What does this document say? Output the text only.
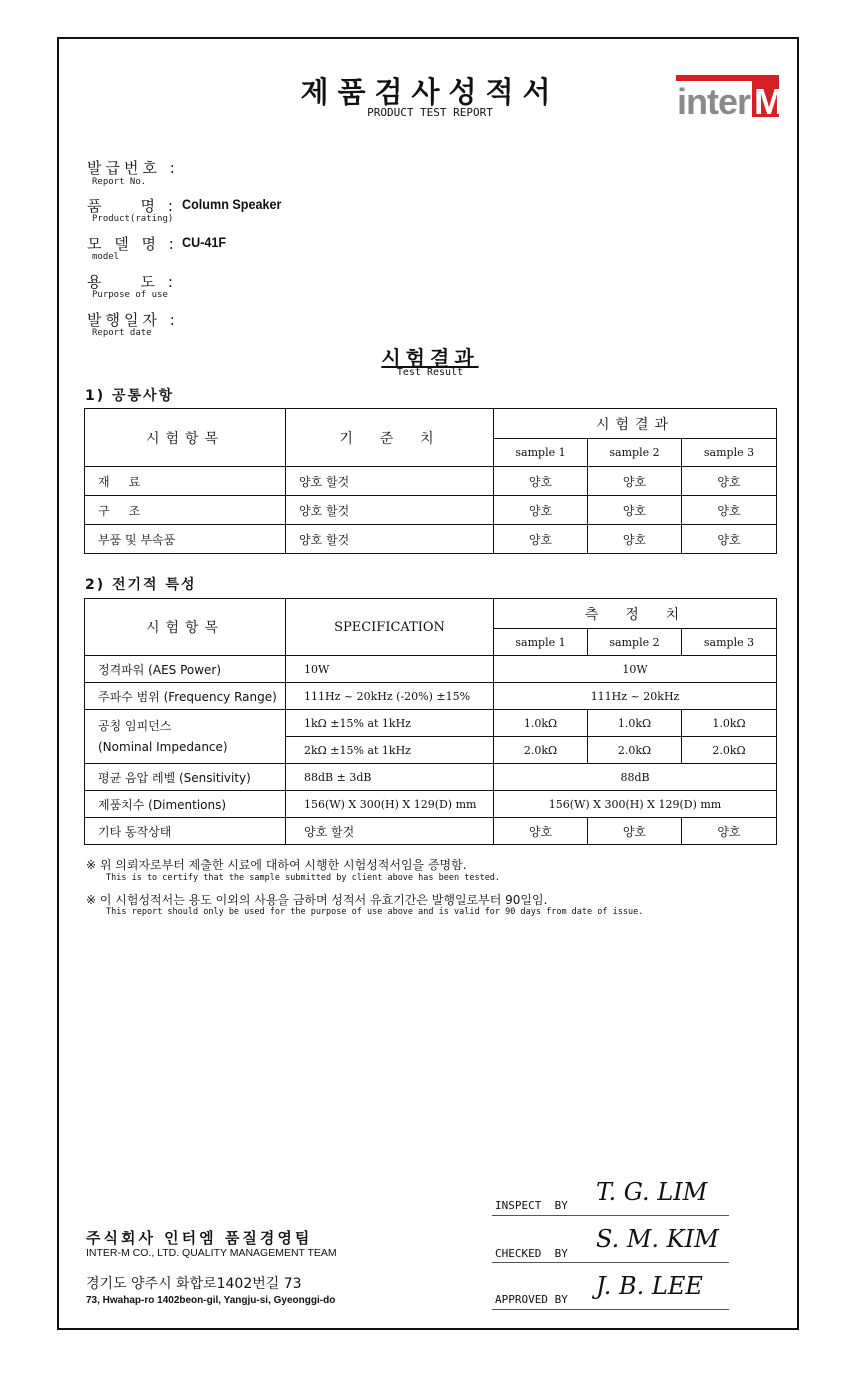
제품검사성적서
PRODUCT TEST REPORT	inter M
발급번호 :
Report No.
품    명 :
Product(rating)
Column Speaker
모 델 명 :
model
CU-41F
용    도 :
Purpose of use
발행일자 :
Report date
시험결과
Test Result
1) 공통사항
시험항목	기  준  치	시험결과		
		sample 1	sample 2	sample 3
재     료	양호 할것	양호	양호	양호
구     조	양호 할것	양호	양호	양호
부품 및 부속품	양호 할것	양호	양호	양호
2) 전기적 특성
시험항목	SPECIFICATION	측  정  치		
		sample 1	sample 2	sample 3
정격파워 (AES Power)	10W	10W		
주파수 범위 (Frequency Range)	111Hz ~ 20kHz (-20%) ±15%	111Hz ~ 20kHz		
공칭 임피던스
(Nominal Impedance)	1kΩ ±15% at 1kHz	1.0kΩ	1.0kΩ	1.0kΩ
	2kΩ ±15% at 1kHz	2.0kΩ	2.0kΩ	2.0kΩ
평균 음압 레벨 (Sensitivity)	88dB ± 3dB	88dB		
제품치수 (Dimentions)	156(W) X 300(H) X 129(D) mm	156(W) X 300(H) X 129(D) mm		
기타 동작상태	양호 할것	양호	양호	양호
※ 위 의뢰자로부터 제출한 시료에 대하여 시행한 시험성적서임을 증명함.
This is to certify that the sample submitted by client above has been tested.
※ 이 시험성적서는 용도 이외의 사용을 금하며 성적서 유효기간은 발행일로부터 90일임.
This report should only be used for the purpose of use above and is valid for 90 days from date of issue.
주식회사 인터엠 품질경영팀
INTER-M CO., LTD. QUALITY MANAGEMENT TEAM
경기도 양주시 화합로1402번길 73
73, Hwahap-ro 1402beon-gil, Yangju-si, Gyeonggi-do
T. G. LIM
INSPECT  BY
S. M. KIM
CHECKED  BY
J. B. LEE
APPROVED BY
